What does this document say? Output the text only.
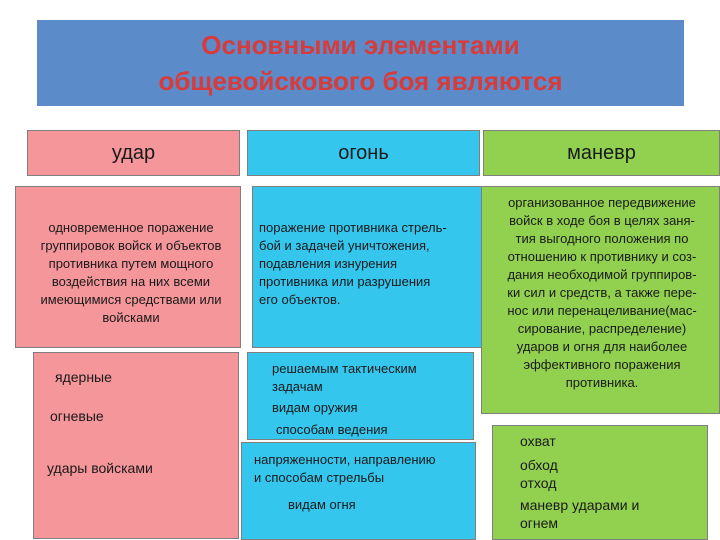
Основными элементами
общевойскового боя являются
удар	огонь	маневр
одновременное поражение
группировок войск и объектов
противника путем мощного
воздействия на них всеми
имеющимися средствами или
войсками
ядерные
огневые
удары войсками
поражение противника стрель-
бой и задачей уничтожения,
подавления изнурения
противника или разрушения
его объектов.
решаемым тактическим
задачам
видам оружия
способам ведения
напряженности, направлению
и способам стрельбы
видам огня
организованное передвижение
войск в ходе боя в целях заня-
тия выгодного положения по
отношению к противнику и соз-
дания необходимой группиров-
ки сил и средств, а также пере-
нос или перенацеливание(мас-
сирование, распределение)
ударов и огня для наиболее
эффективного поражения
противника.
охват
обход
отход
маневр ударами и
огнем
